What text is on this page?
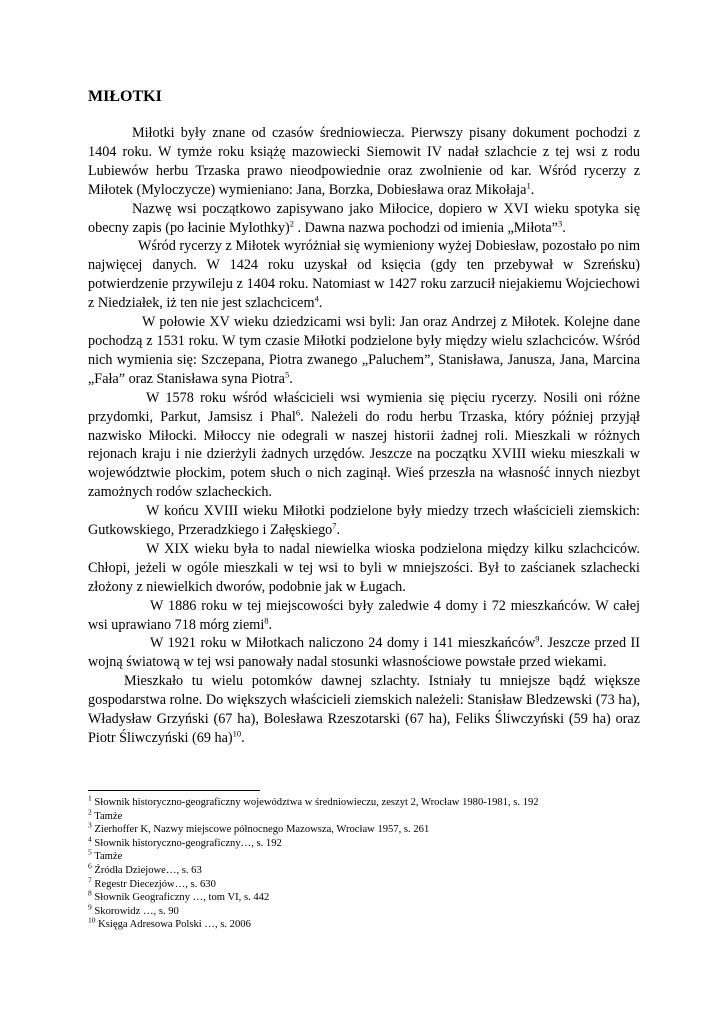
MIŁOTKI

Miłotki były znane od czasów średniowiecza. Pierwszy pisany dokument pochodzi z 1404 roku. W tymże roku książę mazowiecki Siemowit IV nadał szlachcie z tej wsi z rodu Lubiewów herbu Trzaska prawo nieodpowiednie oraz zwolnienie od kar. Wśród rycerzy z Miłotek (Myloczycze) wymieniano: Jana, Borzka, Dobiesława oraz Mikołaja$^1$.

Nazwę wsi początkowo zapisywano jako Miłocice, dopiero w XVI wieku spotyka się obecny zapis (po łacinie Mylothky)$^2$ . Dawna nazwa pochodzi od imienia „Miłota”$^3$.

Wśród rycerzy z Miłotek wyróżniał się wymieniony wyżej Dobiesław, pozostało po nim najwięcej danych. W 1424 roku uzyskał od księcia (gdy ten przebywał w Szreńsku) potwierdzenie przywileju z 1404 roku. Natomiast w 1427 roku zarzucił niejakiemu Wojciechowi z Niedziałek, iż ten nie jest szlachcicem$^4$.

W połowie XV wieku dziedzicami wsi byli: Jan oraz Andrzej z Miłotek. Kolejne dane pochodzą z 1531 roku. W tym czasie Miłotki podzielone były między wielu szlachciców. Wśród nich wymienia się: Szczepana, Piotra zwanego „Paluchem”, Stanisława, Janusza, Jana, Marcina „Fała” oraz Stanisława syna Piotra$^5$.

W 1578 roku wśród właścicieli wsi wymienia się pięciu rycerzy. Nosili oni różne przydomki, Parkut, Jamsisz i Phal$^6$. Należeli do rodu herbu Trzaska, który później przyjął nazwisko Miłocki. Miłoccy nie odegrali w naszej historii żadnej roli. Mieszkali w różnych rejonach kraju i nie dzierżyli żadnych urzędów. Jeszcze na początku XVIII wieku mieszkali w województwie płockim, potem słuch o nich zaginął. Wieś przeszła na własność innych niezbyt zamożnych rodów szlacheckich.

W końcu XVIII wieku Miłotki podzielone były miedzy trzech właścicieli ziemskich: Gutkowskiego, Przeradzkiego i Załęskiego$^7$.

W XIX wieku była to nadal niewielka wioska podzielona między kilku szlachciców. Chłopi, jeżeli w ogóle mieszkali w tej wsi to byli w mniejszości. Był to zaścianek szlachecki złożony z niewielkich dworów, podobnie jak w Ługach.

W 1886 roku w tej miejscowości były zaledwie 4 domy i 72 mieszkańców. W całej wsi uprawiano 718 mórg ziemi$^8$.

W 1921 roku w Miłotkach naliczono 24 domy i 141 mieszkańców$^9$. Jeszcze przed II wojną światową w tej wsi panowały nadal stosunki własnościowe powstałe przed wiekami.

Mieszkało tu wielu potomków dawnej szlachty. Istniały tu mniejsze bądź większe gospodarstwa rolne. Do większych właścicieli ziemskich należeli: Stanisław Bledzewski (73 ha), Władysław Grzyński (67 ha), Bolesława Rzeszotarski (67 ha), Feliks Śliwczyński (59 ha) oraz Piotr Śliwczyński (69 ha)$^{10}$.

$^1$ Słownik historyczno-geograficzny województwa w średniowieczu, zeszyt 2, Wrocław 1980-1981, s. 192

$^2$ Tamże

$^3$ Zierhoffer K, Nazwy miejscowe północnego Mazowsza, Wrocław 1957, s. 261

$^4$ Słownik historyczno-geograficzny…, s. 192

$^5$ Tamże

$^6$ Źródła Dziejowe…, s. 63

$^7$ Regestr Diecezjów…, s. 630

$^8$ Słownik Geograficzny …, tom VI, s. 442

$^9$ Skorowidz …, s. 90

$^{10}$ Księga Adresowa Polski …, s. 2006
